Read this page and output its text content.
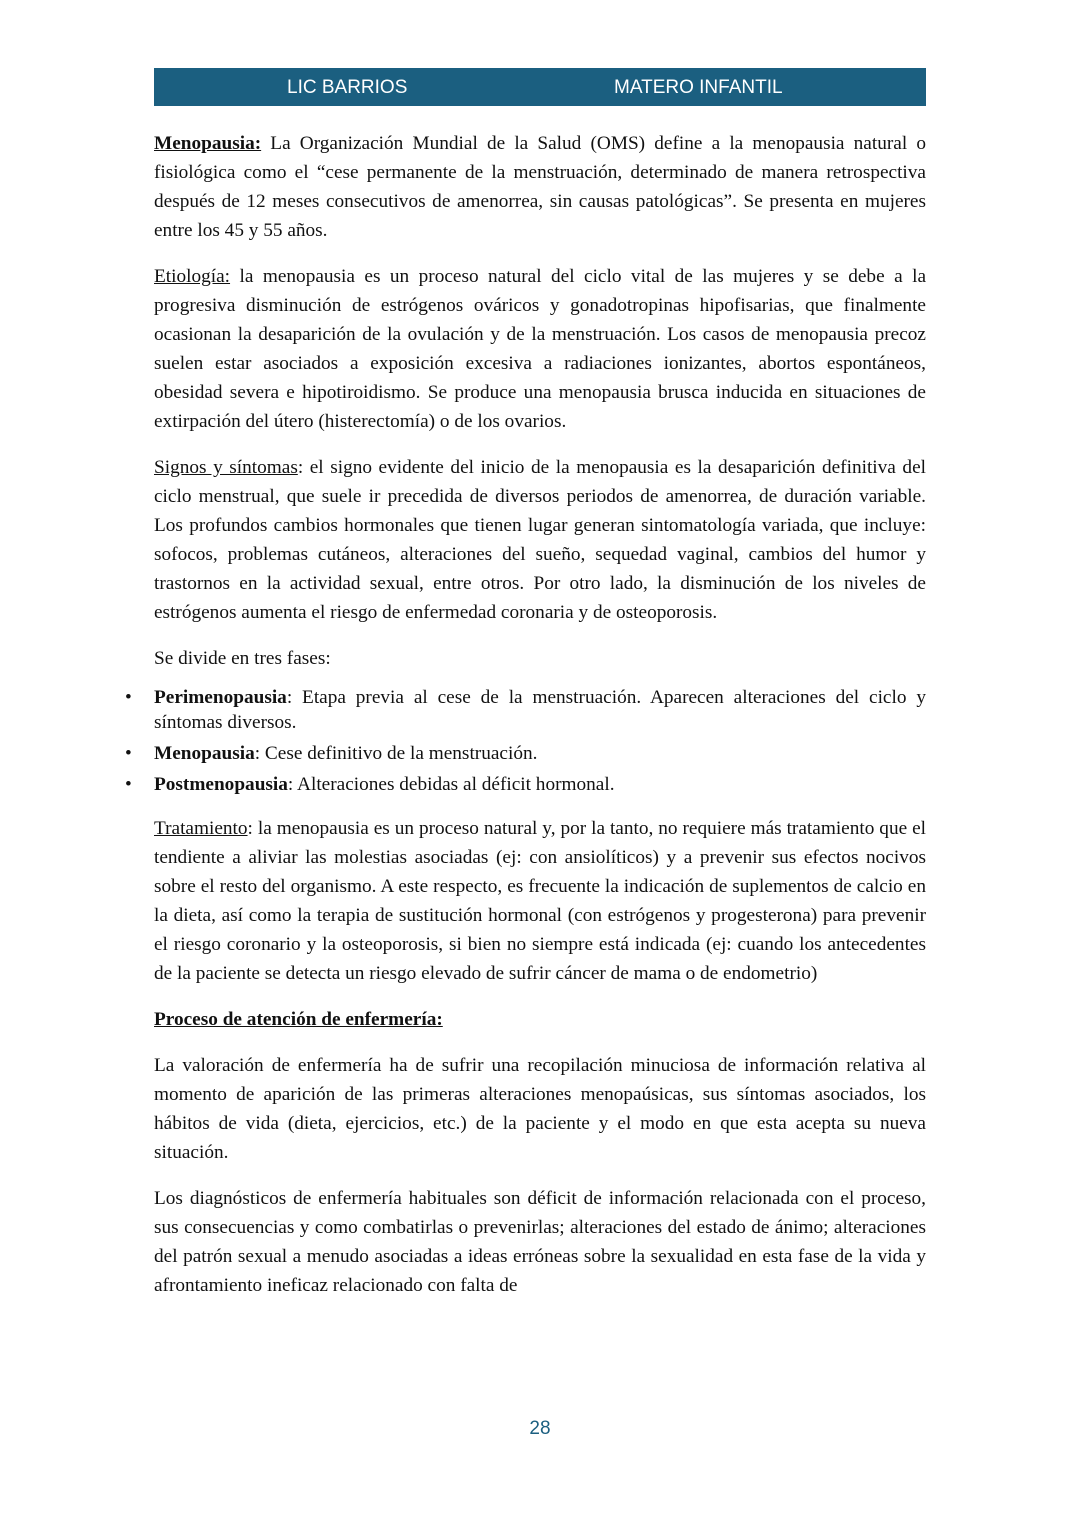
LIC BARRIOS	MATERO INFANTIL

Menopausia: La Organización Mundial de la Salud (OMS) define a la menopausia natural o fisiológica como el “cese permanente de la menstruación, determinado de manera retrospectiva después de 12 meses consecutivos de amenorrea, sin causas patológicas”. Se presenta en mujeres entre los 45 y 55 años.

Etiología: la menopausia es un proceso natural del ciclo vital de las mujeres y se debe a la progresiva disminución de estrógenos ováricos y gonadotropinas hipofisarias, que finalmente ocasionan la desaparición de la ovulación y de la menstruación. Los casos de menopausia precoz suelen estar asociados a exposición excesiva a radiaciones ionizantes, abortos espontáneos, obesidad severa e hipotiroidismo. Se produce una menopausia brusca inducida en situaciones de extirpación del útero (histerectomía) o de los ovarios.

Signos y síntomas: el signo evidente del inicio de la menopausia es la desaparición definitiva del ciclo menstrual, que suele ir precedida de diversos periodos de amenorrea, de duración variable. Los profundos cambios hormonales que tienen lugar generan sintomatología variada, que incluye: sofocos, problemas cutáneos, alteraciones del sueño, sequedad vaginal, cambios del humor y trastornos en la actividad sexual, entre otros. Por otro lado, la disminución de los niveles de estrógenos aumenta el riesgo de enfermedad coronaria y de osteoporosis.

Se divide en tres fases:

• Perimenopausia: Etapa previa al cese de la menstruación. Aparecen alteraciones del ciclo y síntomas diversos.
• Menopausia: Cese definitivo de la menstruación.
• Postmenopausia: Alteraciones debidas al déficit hormonal.

Tratamiento: la menopausia es un proceso natural y, por la tanto, no requiere más tratamiento que el tendiente a aliviar las molestias asociadas (ej: con ansiolíticos) y a prevenir sus efectos nocivos sobre el resto del organismo. A este respecto, es frecuente la indicación de suplementos de calcio en la dieta, así como la terapia de sustitución hormonal (con estrógenos y progesterona) para prevenir el riesgo coronario y la osteoporosis, si bien no siempre está indicada (ej: cuando los antecedentes de la paciente se detecta un riesgo elevado de sufrir cáncer de mama o de endometrio)

Proceso de atención de enfermería:

La valoración de enfermería ha de sufrir una recopilación minuciosa de información relativa al momento de aparición de las primeras alteraciones menopaúsicas, sus síntomas asociados, los hábitos de vida (dieta, ejercicios, etc.) de la paciente y el modo en que esta acepta su nueva situación.

Los diagnósticos de enfermería habituales son déficit de información relacionada con el proceso, sus consecuencias y como combatirlas o prevenirlas; alteraciones del estado de ánimo; alteraciones del patrón sexual a menudo asociadas a ideas erróneas sobre la sexualidad en esta fase de la vida y afrontamiento ineficaz relacionado con falta de

28
